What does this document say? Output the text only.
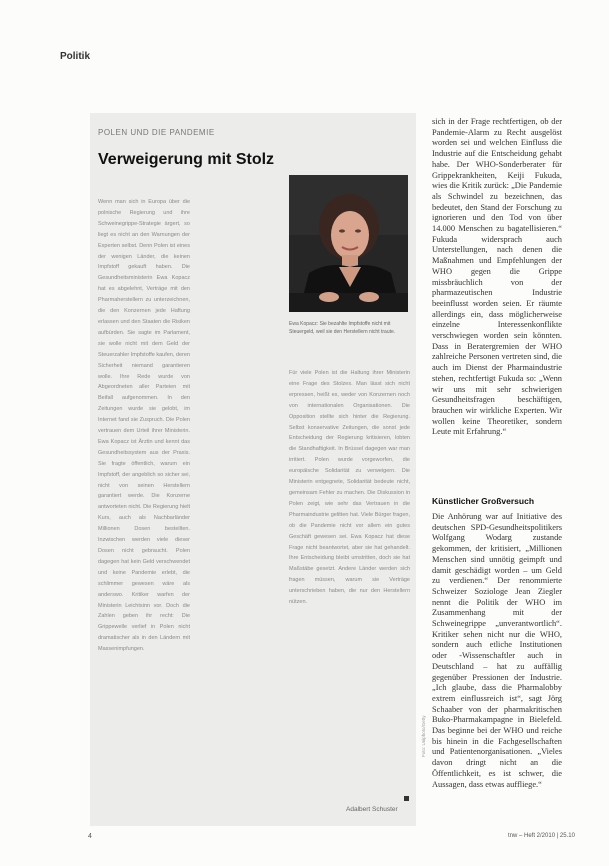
Politik
POLEN UND DIE PANDEMIE
Verweigerung mit Stolz
Wenn man sich in Europa über die polnische Regierung und ihre Schweinegrippe-Strategie ärgert, so liegt es nicht an den Warnungen der Experten selbst. Denn Polen ist eines der wenigen Länder, die keinen Impfstoff gekauft haben. Die Gesundheitsministerin Ewa Kopacz hat es abgelehnt, Verträge mit den Pharmaherstellern zu unterzeichnen, die den Konzernen jede Haftung erlassen und den Staaten die Risiken aufbürden. Sie sagte im Parlament, sie wolle nicht mit dem Geld der Steuerzahler Impfstoffe kaufen, deren Sicherheit niemand garantieren wolle. Ihre Rede wurde von Abgeordneten aller Parteien mit Beifall aufgenommen. In den Zeitungen wurde sie gelobt, im Internet fand sie Zuspruch. Die Polen vertrauen dem Urteil ihrer Ministerin. Ewa Kopacz ist Ärztin und kennt das Gesundheitssystem aus der Praxis. Sie fragte öffentlich, warum ein Impfstoff, der angeblich so sicher sei, nicht von seinen Herstellern garantiert werde. Die Konzerne antworteten nicht. Die Regierung hielt Kurs, auch als Nachbarländer Millionen Dosen bestellten. Inzwischen werden viele dieser Dosen nicht gebraucht. Polen dagegen hat kein Geld verschwendet und keine Pandemie erlebt, die schlimmer gewesen wäre als anderswo. Kritiker warfen der Ministerin Leichtsinn vor. Doch die Zahlen geben ihr recht: Die Grippewelle verlief in Polen nicht dramatischer als in den Ländern mit Massenimpfungen.
Ewa Kopacz: Sie bezahlte Impfstoffe nicht mit Steuergeld, weil sie den Herstellern nicht traute.
Für viele Polen ist die Haltung ihrer Ministerin eine Frage des Stolzes. Man lässt sich nicht erpressen, heißt es, weder von Konzernen noch von internationalen Organisationen. Die Opposition stellte sich hinter die Regierung. Selbst konservative Zeitungen, die sonst jede Entscheidung der Regierung kritisieren, lobten die Standhaftigkeit. In Brüssel dagegen war man irritiert. Polen wurde vorgeworfen, die europäische Solidarität zu verweigern. Die Ministerin entgegnete, Solidarität bedeute nicht, gemeinsam Fehler zu machen. Die Diskussion in Polen zeigt, wie sehr das Vertrauen in die Pharmaindustrie gelitten hat. Viele Bürger fragen, ob die Pandemie nicht vor allem ein gutes Geschäft gewesen sei. Ewa Kopacz hat diese Frage nicht beantwortet, aber sie hat gehandelt. Ihre Entscheidung bleibt umstritten, doch sie hat Maßstäbe gesetzt. Andere Länder werden sich fragen müssen, warum sie Verträge unterschrieben haben, die nur den Herstellern nützen.
Adalbert Schuster
sich in der Frage rechtfertigen, ob der Pandemie-Alarm zu Recht ausgelöst worden sei und welchen Einfluss die Industrie auf die Entscheidung gehabt habe. Der WHO-Sonderberater für Grippekrankheiten, Keiji Fukuda, wies die Kritik zurück: „Die Pandemie als Schwindel zu bezeichnen, das bedeutet, den Stand der Forschung zu ignorieren und den Tod von über 14.000 Menschen zu bagatellisieren.“ Fukuda widersprach auch Unterstellungen, nach denen die Maßnahmen und Empfehlungen der WHO gegen die Grippe missbräuchlich von der pharmazeutischen Industrie beeinflusst worden seien. Er räumte allerdings ein, dass möglicherweise einzelne Interessenkonflikte verschwiegen worden sein könnten. Dass in Beratergremien der WHO zahlreiche Personen vertreten sind, die auch im Dienst der Pharmaindustrie stehen, rechtfertigt Fukuda so: „Wenn wir uns mit sehr schwierigen Gesundheitsfragen beschäftigen, brauchen wir wirkliche Experten. Wir wollen keine Theoretiker, sondern Leute mit Erfahrung.“
Künstlicher Großversuch
Die Anhörung war auf Initiative des deutschen SPD-Gesundheitspolitikers Wolfgang Wodarg zustande gekommen, der kritisiert, „Millionen Menschen sind unnötig geimpft und damit geschädigt worden – um Geld zu verdienen.“ Der renommierte Schweizer Soziologe Jean Ziegler nennt die Politik der WHO im Zusammenhang mit der Schweinegrippe „unverantwortlich“. Kritiker sehen nicht nur die WHO, sondern auch etliche Institutionen oder -Wissenschaftler auch in Deutschland – hat zu auffällig gegenüber Pressionen der Industrie. „Ich glaube, dass die Pharmalobby extrem einflussreich ist“, sagt Jörg Schaaber von der pharmakritischen Buko-Pharmakampagne in Bielefeld. Das beginne bei der WHO und reiche bis hinein in die Fachgesellschaften und Patientenorganisationen. „Vieles davon dringt nicht an die Öffentlichkeit, es ist schwer, die Aussagen, dass etwas auffliege.“
Foto: Uniphoto/Getty
4	tnw – Heft 2/2010 | 25.10
